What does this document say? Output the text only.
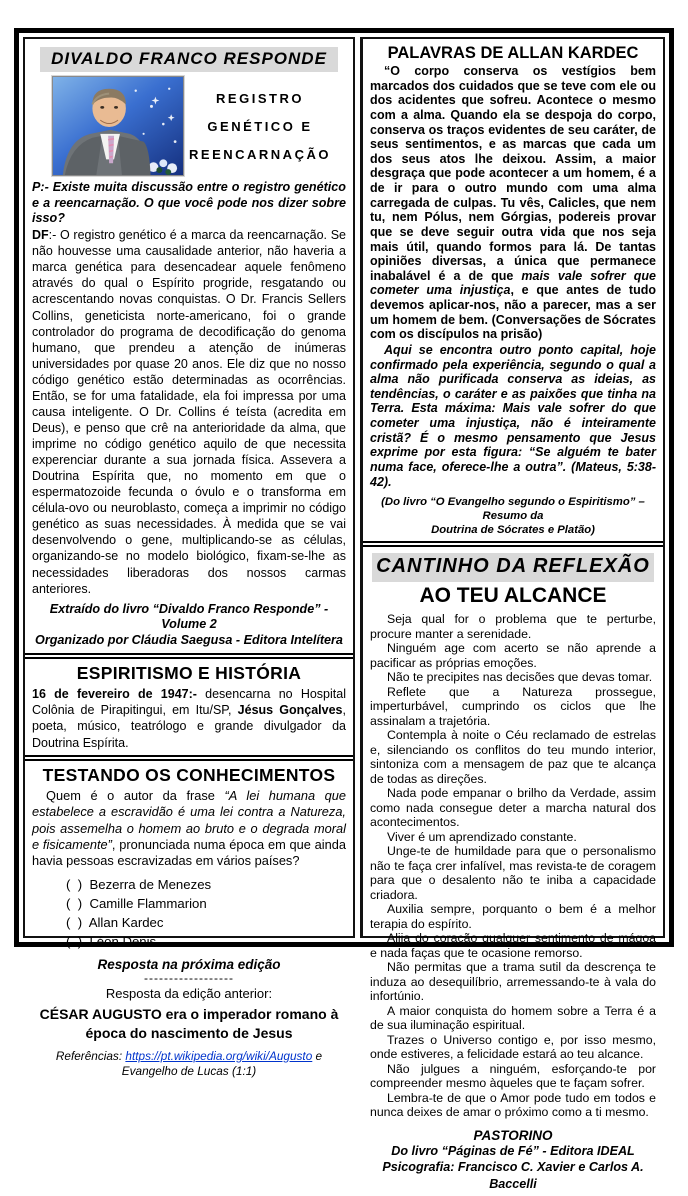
DIVALDO FRANCO RESPONDE
REGISTRO
GENÉTICO E
REENCARNAÇÃO
P:- Existe muita discussão entre o registro genético e a reencarnação. O que você pode nos dizer sobre isso?
DF:- O registro genético é a marca da reencarnação. Se não houvesse uma causalidade anterior, não haveria a marca genética para desencadear aquele fenômeno através do qual o Espírito progride, resgatando ou acrescentando novas conquistas. O Dr. Francis Sellers Collins, geneticista norte-americano, foi o grande controlador do programa de decodificação do genoma humano, que prendeu a atenção de inúmeras universidades por quase 20 anos. Ele diz que no nosso código genético estão determinadas as ocorrências. Então, se for uma fatalidade, ela foi impressa por uma causa inteligente. O Dr. Collins é teísta (acredita em Deus), e penso que crê na anterioridade da alma, que imprime no código genético aquilo de que necessita experenciar durante a sua jornada física. Assevera a Doutrina Espírita que, no momento em que o espermatozoide fecunda o óvulo e o transforma em célula-ovo ou neuroblasto, começa a imprimir no código genético as suas necessidades. À medida que se vai desenvolvendo o gene, multiplicando-se as células, organizando-se no modelo biológico, fixam-se-lhe as necessidades liberadoras dos nossos carmas anteriores.
Extraído do livro “Divaldo Franco Responde” - Volume 2
Organizado por Cláudia Saegusa - Editora Intelítera
ESPIRITISMO E HISTÓRIA
16 de fevereiro de 1947:- desencarna no Hospital Colônia de Pirapitingui, em Itu/SP, Jésus Gonçalves, poeta, músico, teatrólogo e grande divulgador da Doutrina Espírita.
TESTANDO OS CONHECIMENTOS
Quem é o autor da frase “A lei humana que estabelece a escravidão é uma lei contra a Natureza, pois assemelha o homem ao bruto e o degrada moral e fisicamente”, pronunciada numa época em que ainda havia pessoas escravizadas em vários países?
(  )  Bezerra de Menezes
(  )  Camille Flammarion
(  )  Allan Kardec
(  )  Léon Denis
Resposta na próxima edição
------------------
Resposta da edição anterior:
CÉSAR AUGUSTO era o imperador romano à época do nascimento de Jesus
Referências: https://pt.wikipedia.org/wiki/Augusto e Evangelho de Lucas (1:1)
PALAVRAS DE ALLAN KARDEC
“O corpo conserva os vestígios bem marcados dos cuidados que se teve com ele ou dos acidentes que sofreu. Acontece o mesmo com a alma. Quando ela se despoja do corpo, conserva os traços evidentes de seu caráter, de seus sentimentos, e as marcas que cada um dos seus atos lhe deixou. Assim, a maior desgraça que pode acontecer a um homem, é a de ir para o outro mundo com uma alma carregada de culpas. Tu vês, Calicles, que nem tu, nem Pólus, nem Górgias, podereis provar que se deve seguir outra vida que nos seja mais útil, quando formos para lá. De tantas opiniões diversas, a única que permanece inabalável é a de que mais vale sofrer que cometer uma injustiça, e que antes de tudo devemos aplicar-nos, não a parecer, mas a ser um homem de bem. (Conversações de Sócrates com os discípulos na prisão)
Aqui se encontra outro ponto capital, hoje confirmado pela experiência, segundo o qual a alma não purificada conserva as ideias, as tendências, o caráter e as paixões que tinha na Terra. Esta máxima: Mais vale sofrer do que cometer uma injustiça, não é inteiramente cristã? É o mesmo pensamento que Jesus exprime por esta figura: “Se alguém te bater numa face, oferece-lhe a outra”. (Mateus, 5:38-42).
(Do livro “O Evangelho segundo o Espiritismo” – Resumo da
Doutrina de Sócrates e Platão)
CANTINHO DA REFLEXÃO
AO TEU ALCANCE
Seja qual for o problema que te perturbe, procure manter a serenidade.
Ninguém age com acerto se não aprende a pacificar as próprias emoções.
Não te precipites nas decisões que devas tomar.
Reflete que a Natureza prossegue, imperturbável, cumprindo os ciclos que lhe assinalam a trajetória.
Contempla à noite o Céu reclamado de estrelas e, silenciando os conflitos do teu mundo interior, sintoniza com a mensagem de paz que te alcança de todas as direções.
Nada pode empanar o brilho da Verdade, assim como nada consegue deter a marcha natural dos acontecimentos.
Viver é um aprendizado constante.
Unge-te de humildade para que o personalismo não te faça crer infalível, mas revista-te de coragem para que o desalento não te iniba a capacidade criadora.
Auxilia sempre, porquanto o bem é a melhor terapia do espírito.
Alija do coração qualquer sentimento de mágoa e nada faças que te ocasione remorso.
Não permitas que a trama sutil da descrença te induza ao desequilíbrio, arremessando-te à vala do infortúnio.
A maior conquista do homem sobre a Terra é a de sua iluminação espiritual.
Trazes o Universo contigo e, por isso mesmo, onde estiveres, a felicidade estará ao teu alcance.
Não julgues a ninguém, esforçando-te por compreender mesmo àqueles que te façam sofrer.
Lembra-te de que o Amor pode tudo em todos e nunca deixes de amar o próximo como a ti mesmo.
PASTORINO
Do livro “Páginas de Fé” - Editora IDEAL
Psicografia: Francisco C. Xavier e Carlos A. Baccelli
